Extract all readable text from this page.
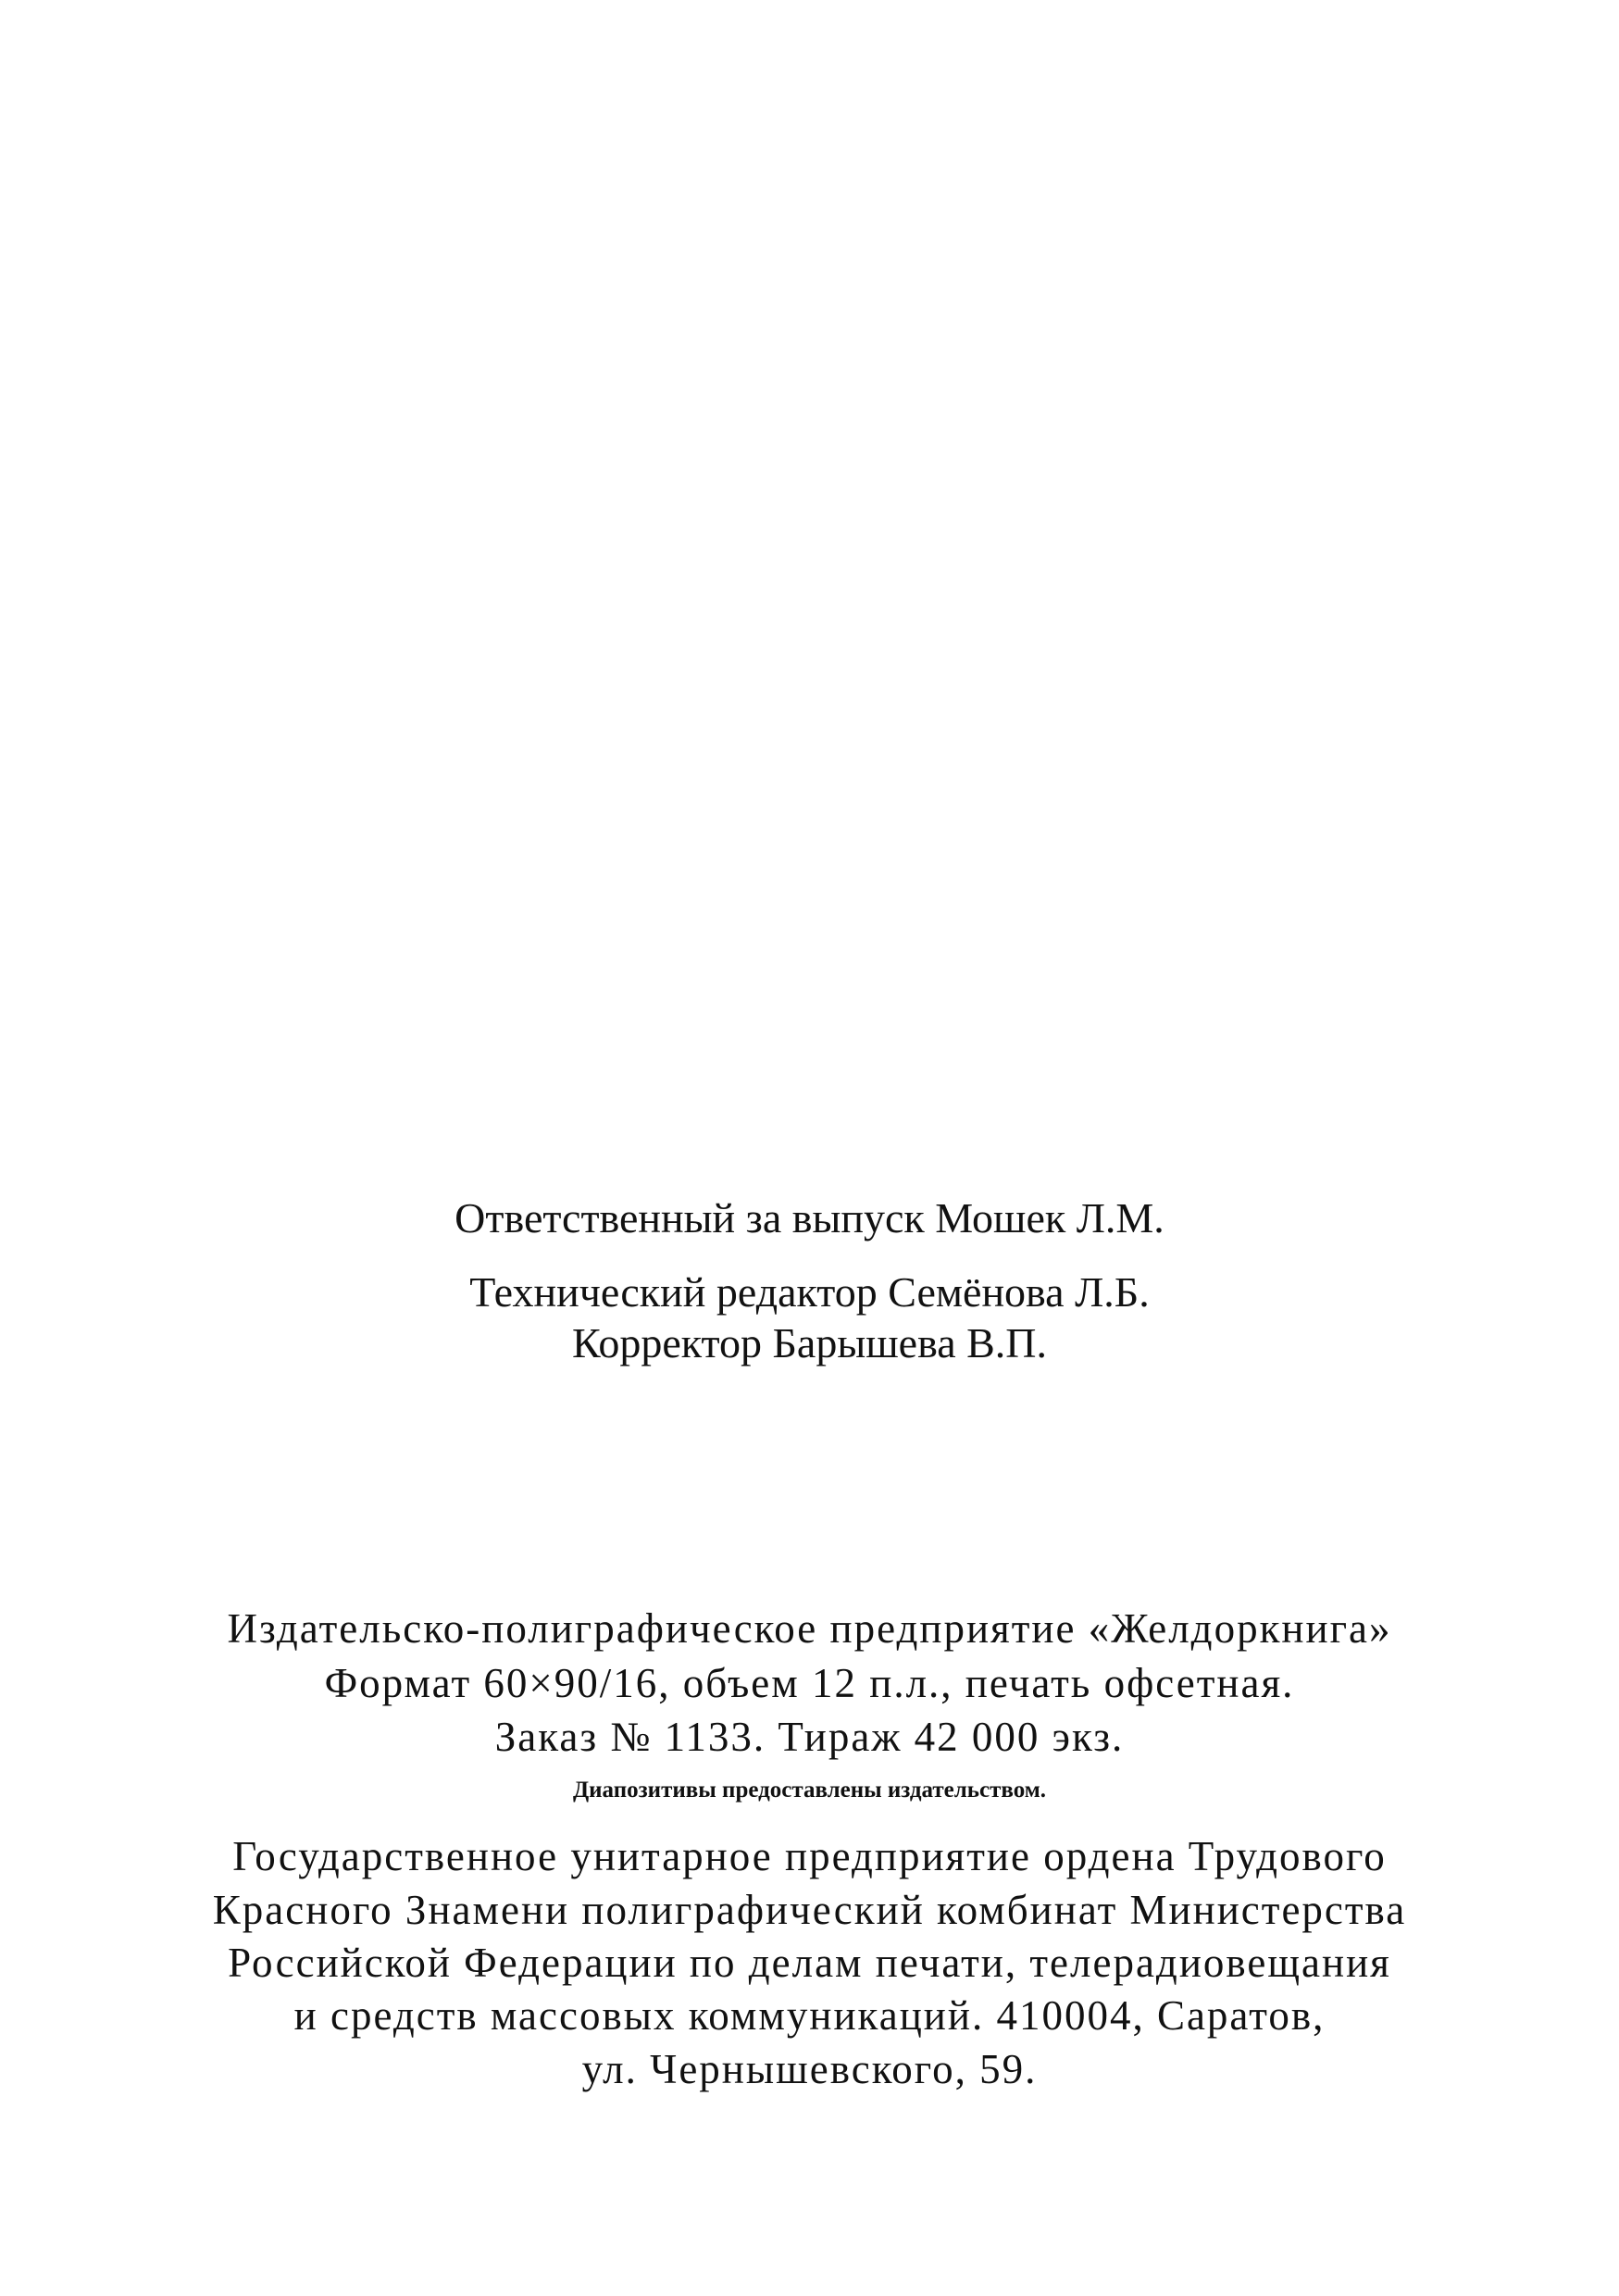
Ответственный за выпуск Мошек Л.М.

Технический редактор Семёнова Л.Б.

Корректор Барышева В.П.

Издательско-полиграфическое предприятие «Желдоркнига»

Формат 60×90/16, объем 12 п.л., печать офсетная.

Заказ № 1133. Тираж 42 000 экз.

Диапозитивы предоставлены издательством.

Государственное унитарное предприятие ордена Трудового

Красного Знамени полиграфический комбинат Министерства

Российской Федерации по делам печати, телерадиовещания

и средств массовых коммуникаций. 410004, Саратов,

ул. Чернышевского, 59.
